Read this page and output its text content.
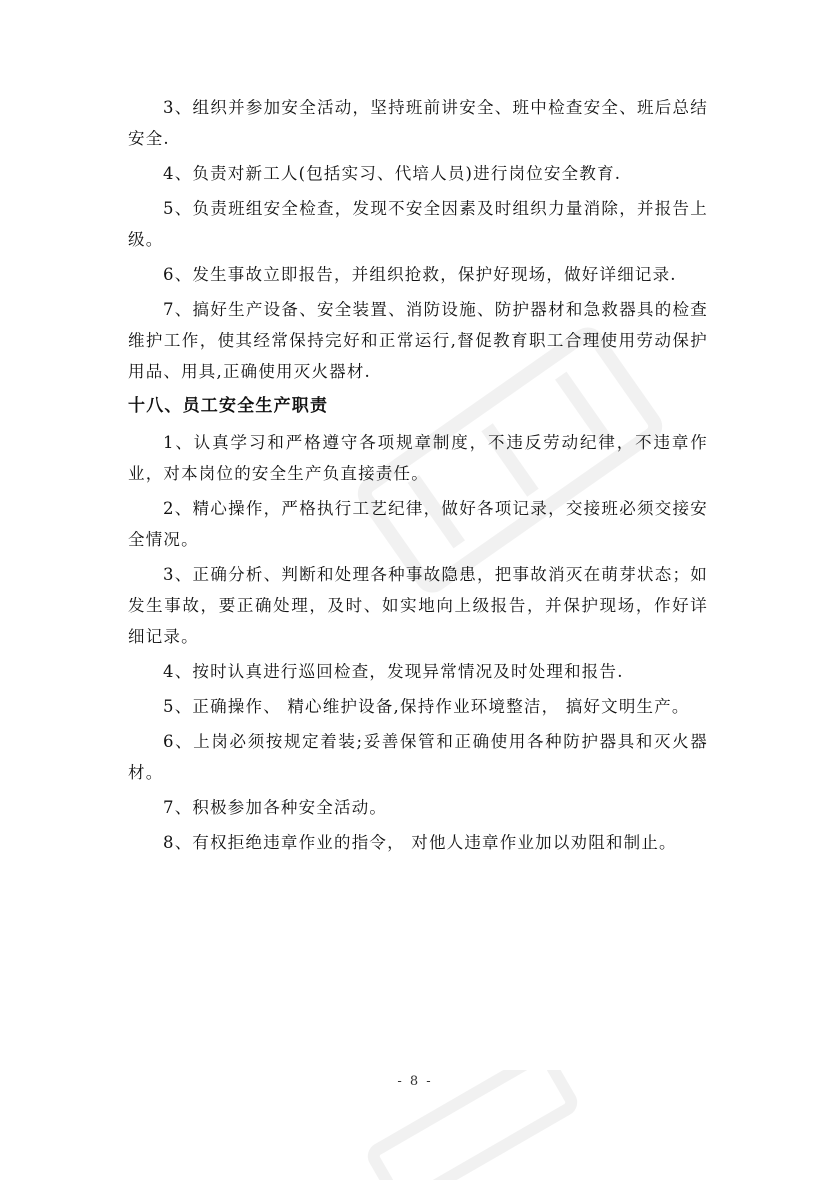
3、组织并参加安全活动，坚持班前讲安全、班中检查安全、班后总结安全.

4、负责对新工人(包括实习、代培人员)进行岗位安全教育.

5、负责班组安全检查，发现不安全因素及时组织力量消除，并报告上级。

6、发生事故立即报告，并组织抢救，保护好现场，做好详细记录.

7、搞好生产设备、安全装置、消防设施、防护器材和急救器具的检查维护工作，使其经常保持完好和正常运行,督促教育职工合理使用劳动保护用品、用具,正确使用灭火器材.

十八、员工安全生产职责

1、认真学习和严格遵守各项规章制度，不违反劳动纪律，不违章作业，对本岗位的安全生产负直接责任。

2、精心操作，严格执行工艺纪律，做好各项记录，交接班必须交接安全情况。

3、正确分析、判断和处理各种事故隐患，把事故消灭在萌芽状态；如发生事故，要正确处理，及时、如实地向上级报告，并保护现场，作好详细记录。

4、按时认真进行巡回检查，发现异常情况及时处理和报告.

5、正确操作、 精心维护设备,保持作业环境整洁， 搞好文明生产。

6、上岗必须按规定着装;妥善保管和正确使用各种防护器具和灭火器材。

7、积极参加各种安全活动。

8、有权拒绝违章作业的指令， 对他人违章作业加以劝阻和制止。

- 8 -
